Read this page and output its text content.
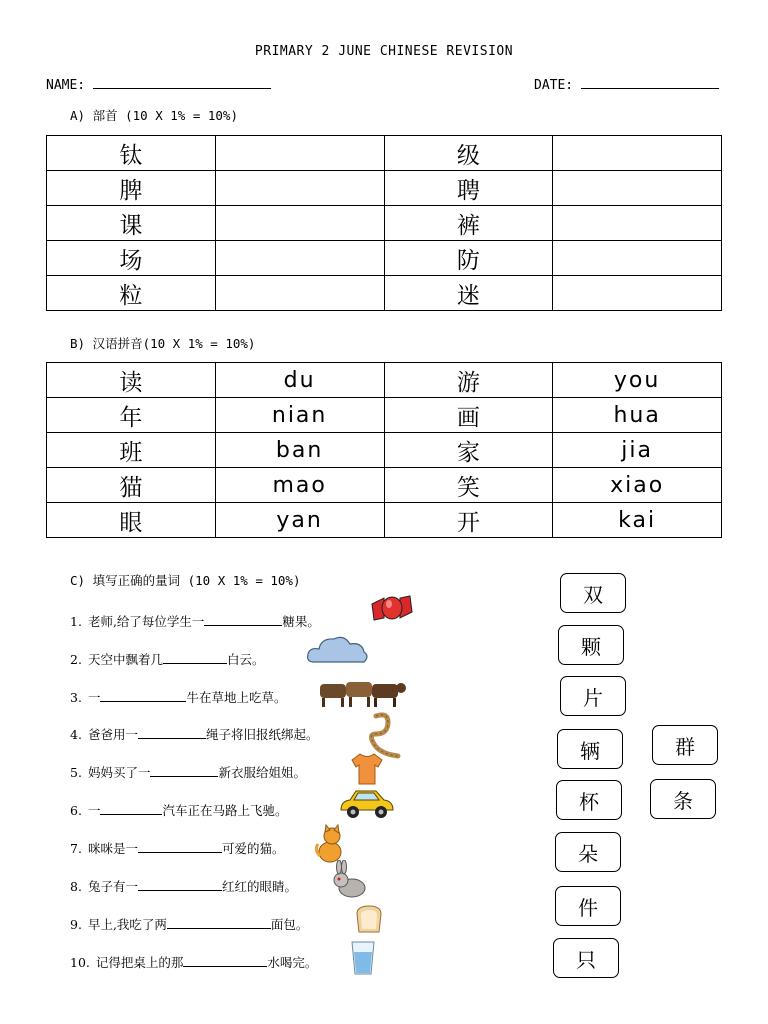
PRIMARY 2 JUNE CHINESE REVISION
NAME:	DATE:
A) 部首 (10 X 1% = 10%)
钛		级	
脾		聘	
课		裤	
场		防	
粒		迷	
B) 汉语拼音(10 X 1% = 10%)
读	du	游	you
年	nian	画	hua
班	ban	家	jia
猫	mao	笑	xiao
眼	yan	开	kai
C) 填写正确的量词 (10 X 1% = 10%)
1. 老师,给了每位学生一	糖果。
2. 天空中飘着几	白云。
3. 一	牛在草地上吃草。
4. 爸爸用一	绳子将旧报纸绑起。
5. 妈妈买了一	新衣服给姐姐。
6. 一	汽车正在马路上飞驰。
7. 咪咪是一	可爱的猫。
8. 兔子有一	红红的眼睛。
9. 早上,我吃了两	面包。
10. 记得把桌上的那	水喝完。
双
颗
片
辆
杯
朵
件
只
群
条
